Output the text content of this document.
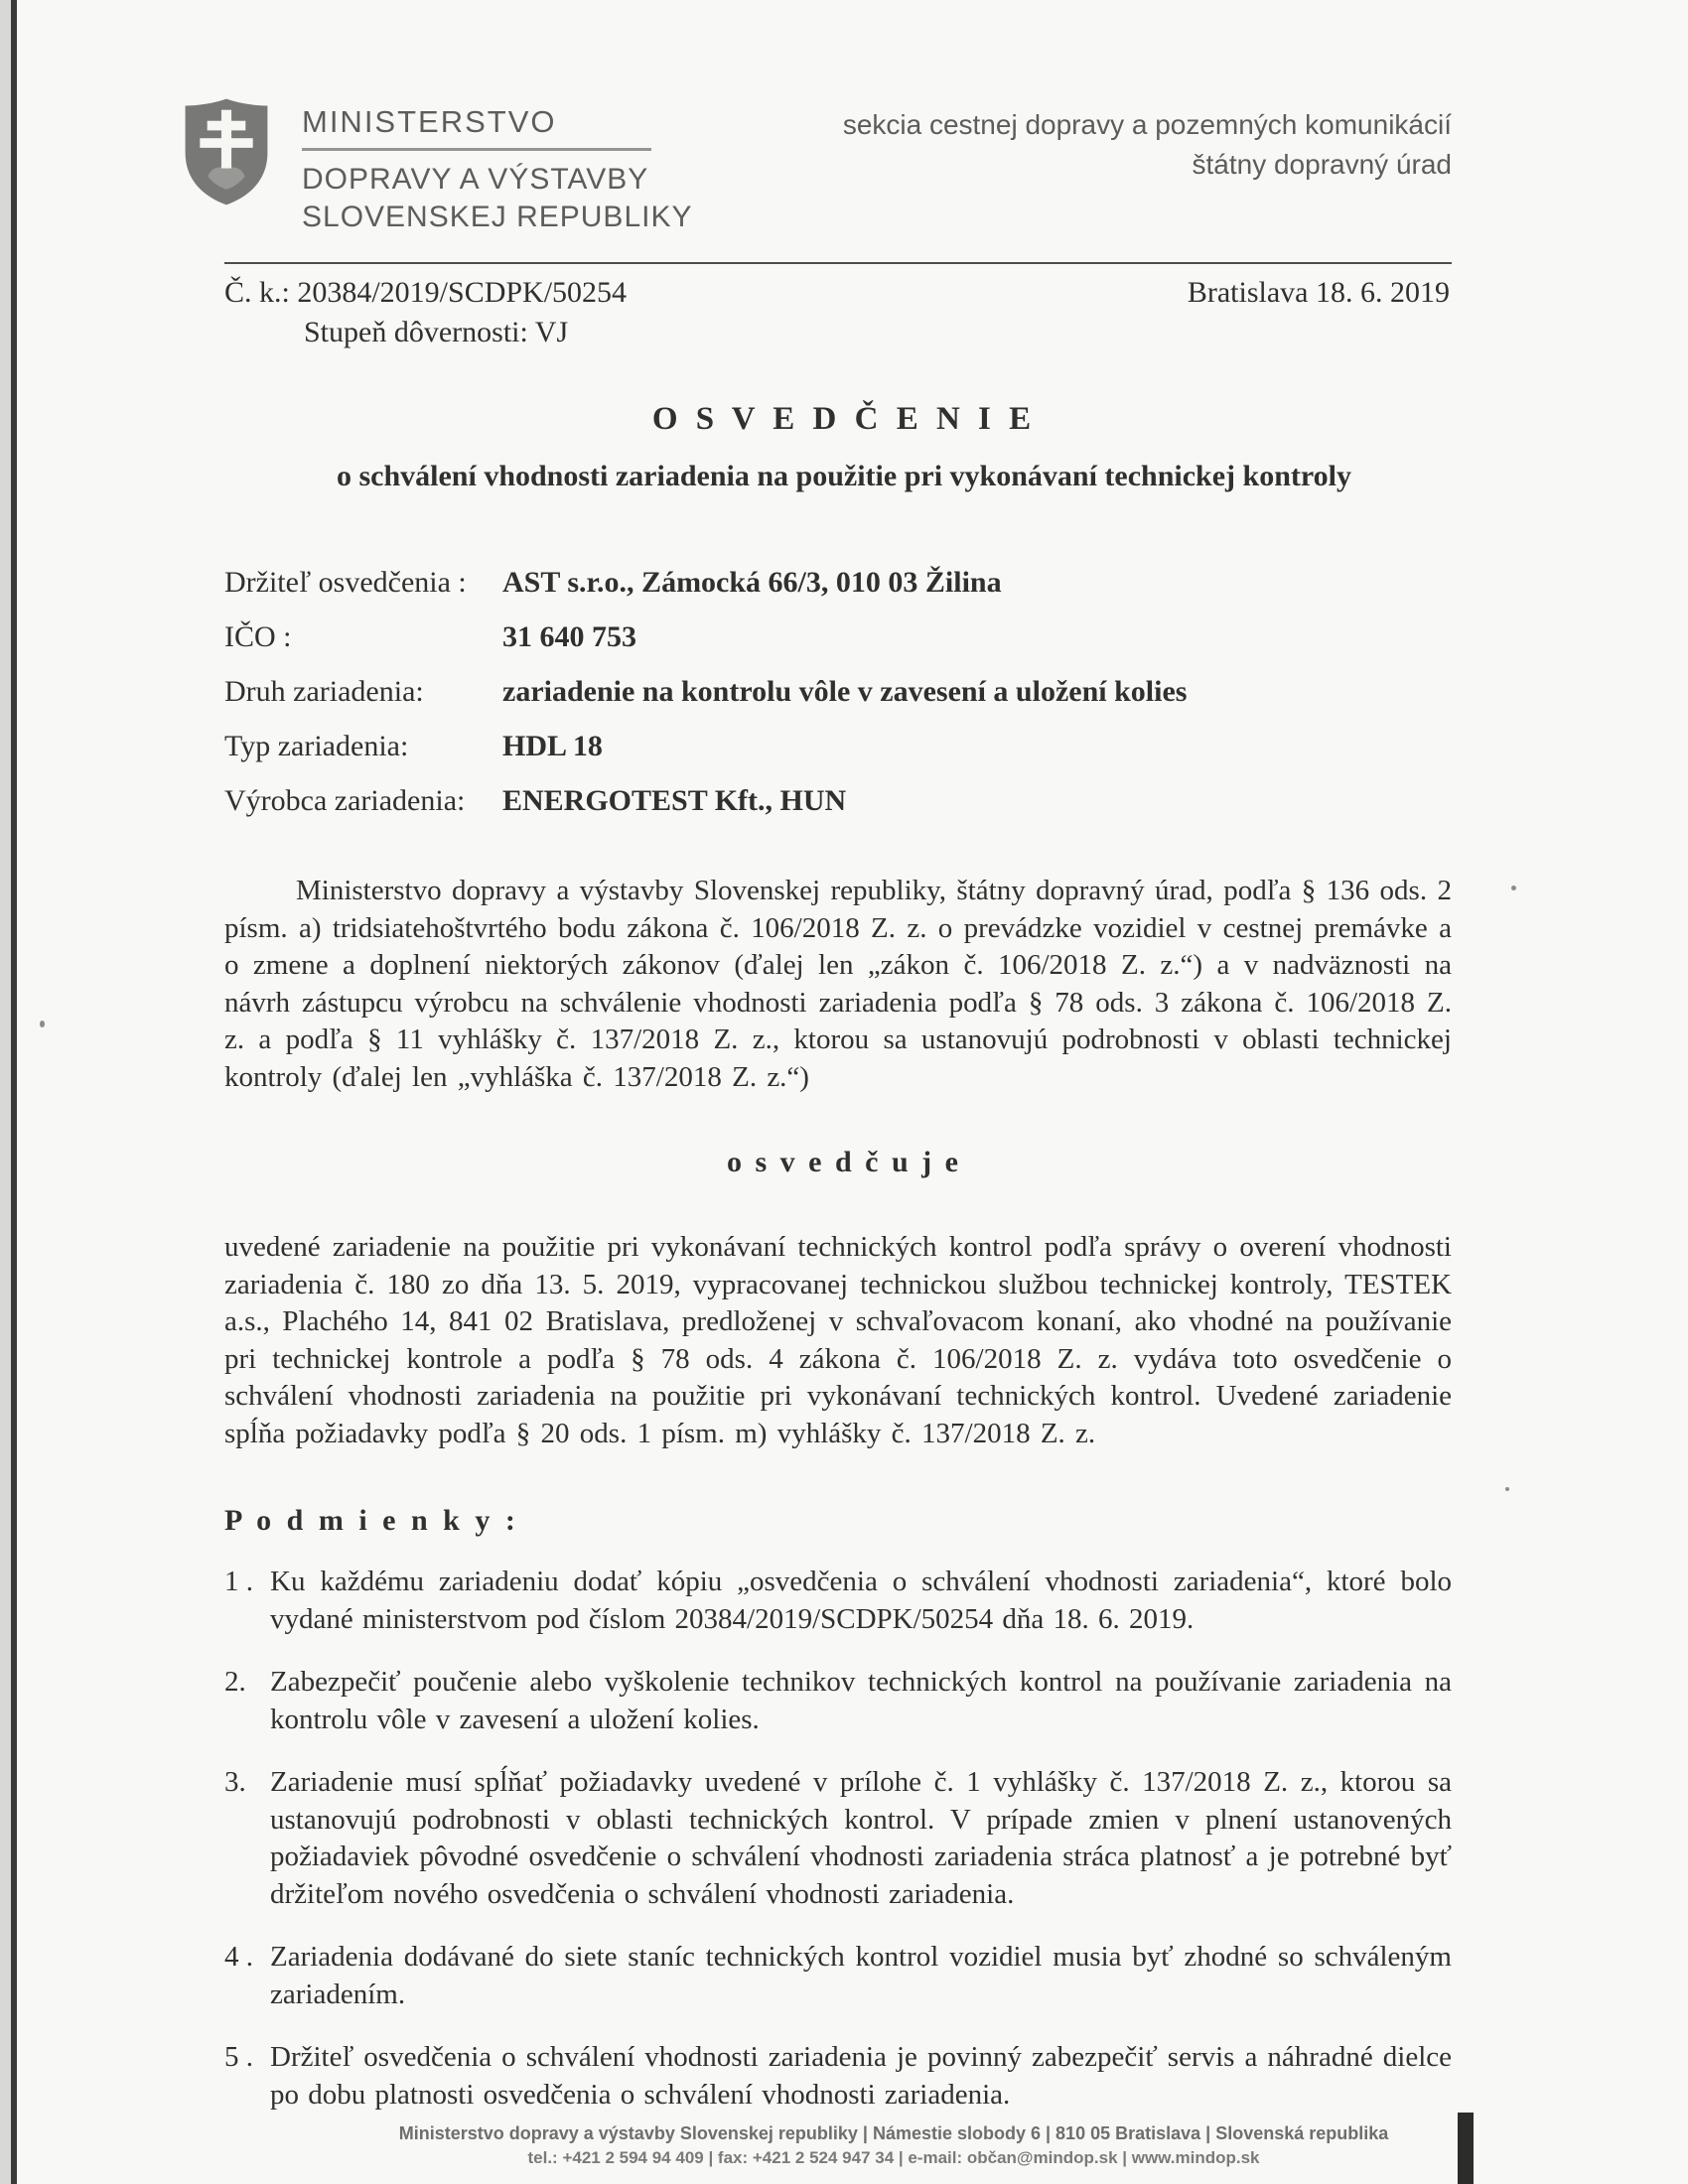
MINISTERSTVO
DOPRAVY A VÝSTAVBY
SLOVENSKEJ REPUBLIKY
sekcia cestnej dopravy a pozemných komunikácií
štátny dopravný úrad
Č. k.: 20384/2019/SCDPK/50254	Bratislava 18. 6. 2019
Stupeň dôvernosti: VJ
O S V E D Č E N I E
o schválení vhodnosti zariadenia na použitie pri vykonávaní technickej kontroly
Držiteľ osvedčenia :	AST s.r.o., Zámocká 66/3, 010 03 Žilina
IČO :	31 640 753
Druh zariadenia:	zariadenie na kontrolu vôle v zavesení a uložení kolies
Typ zariadenia:	HDL 18
Výrobca zariadenia:	ENERGOTEST Kft., HUN
Ministerstvo dopravy a výstavby Slovenskej republiky, štátny dopravný úrad, podľa § 136 ods. 2 písm. a) tridsiatehoštvrtého bodu zákona č. 106/2018 Z. z. o prevádzke vozidiel v cestnej premávke a o zmene a doplnení niektorých zákonov (ďalej len „zákon č. 106/2018 Z. z.“) a v nadväznosti na návrh zástupcu výrobcu na schválenie vhodnosti zariadenia podľa § 78 ods. 3 zákona č. 106/2018 Z. z. a podľa § 11 vyhlášky č. 137/2018 Z. z., ktorou sa ustanovujú podrobnosti v oblasti technickej kontroly (ďalej len „vyhláška č. 137/2018 Z. z.“)
o s v e d č u j e
uvedené zariadenie na použitie pri vykonávaní technických kontrol podľa správy o overení vhodnosti zariadenia č. 180 zo dňa 13. 5. 2019, vypracovanej technickou službou technickej kontroly, TESTEK a.s., Plachého 14, 841 02 Bratislava, predloženej v schvaľovacom konaní, ako vhodné na používanie pri technickej kontrole a podľa § 78 ods. 4 zákona č. 106/2018 Z. z. vydáva toto osvedčenie o schválení vhodnosti zariadenia na použitie pri vykonávaní technických kontrol. Uvedené zariadenie spĺňa požiadavky podľa § 20 ods. 1 písm. m) vyhlášky č. 137/2018 Z. z.
P o d m i e n k y :
1 . Ku každému zariadeniu dodať kópiu „osvedčenia o schválení vhodnosti zariadenia“, ktoré bolo vydané ministerstvom pod číslom 20384/2019/SCDPK/50254 dňa 18. 6. 2019.
2. Zabezpečiť poučenie alebo vyškolenie technikov technických kontrol na používanie zariadenia na kontrolu vôle v zavesení a uložení kolies.
3. Zariadenie musí spĺňať požiadavky uvedené v prílohe č. 1 vyhlášky č. 137/2018 Z. z., ktorou sa ustanovujú podrobnosti v oblasti technických kontrol. V prípade zmien v plnení ustanovených požiadaviek pôvodné osvedčenie o schválení vhodnosti zariadenia stráca platnosť a je potrebné byť držiteľom nového osvedčenia o schválení vhodnosti zariadenia.
4 . Zariadenia dodávané do siete staníc technických kontrol vozidiel musia byť zhodné so schváleným zariadením.
5 . Držiteľ osvedčenia o schválení vhodnosti zariadenia je povinný zabezpečiť servis a náhradné dielce po dobu platnosti osvedčenia o schválení vhodnosti zariadenia.
Ministerstvo dopravy a výstavby Slovenskej republiky | Námestie slobody 6 | 810 05 Bratislava | Slovenská republika
tel.: +421 2 594 94 409 | fax: +421 2 524 947 34 | e-mail: občan@mindop.sk | www.mindop.sk
